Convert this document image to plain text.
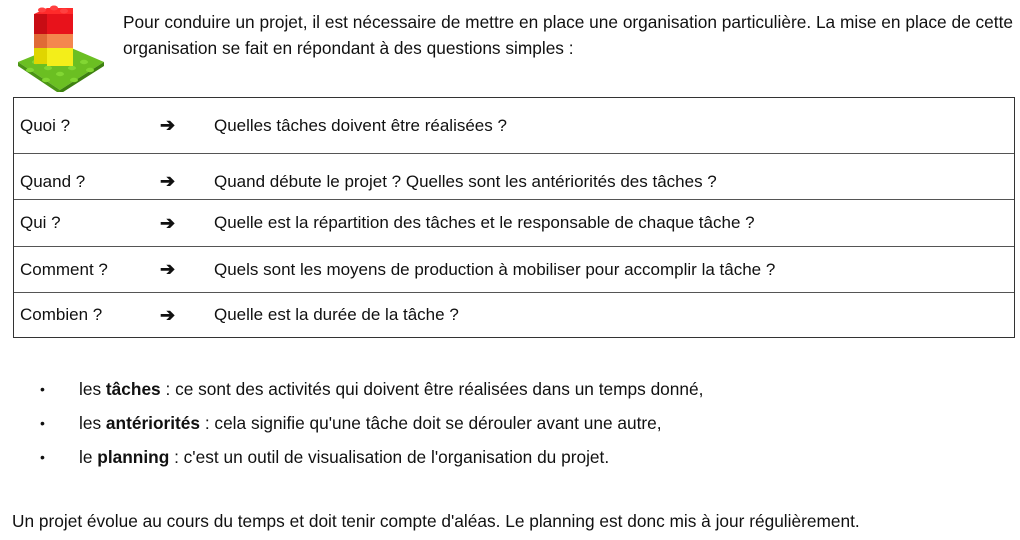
Pour conduire un projet, il est nécessaire de mettre en place une organisation particulière. La mise en place de cette organisation se fait en répondant à des questions simples :
Quoi ?	➔	Quelles tâches doivent être réalisées ?
Quand ?	➔	Quand débute le projet ? Quelles sont les antériorités des tâches ?
Qui ?	➔	Quelle est la répartition des tâches et le responsable de chaque tâche ?
Comment ?	➔	Quels sont les moyens de production à mobiliser pour accomplir la tâche ?
Combien ?	➔	Quelle est la durée de la tâche ?
•	les tâches : ce sont des activités qui doivent être réalisées dans un temps donné,
•	les antériorités : cela signifie qu'une tâche doit se dérouler avant une autre,
•	le planning : c'est un outil de visualisation de l'organisation du projet.
Un projet évolue au cours du temps et doit tenir compte d'aléas. Le planning est donc mis à jour régulièrement.
